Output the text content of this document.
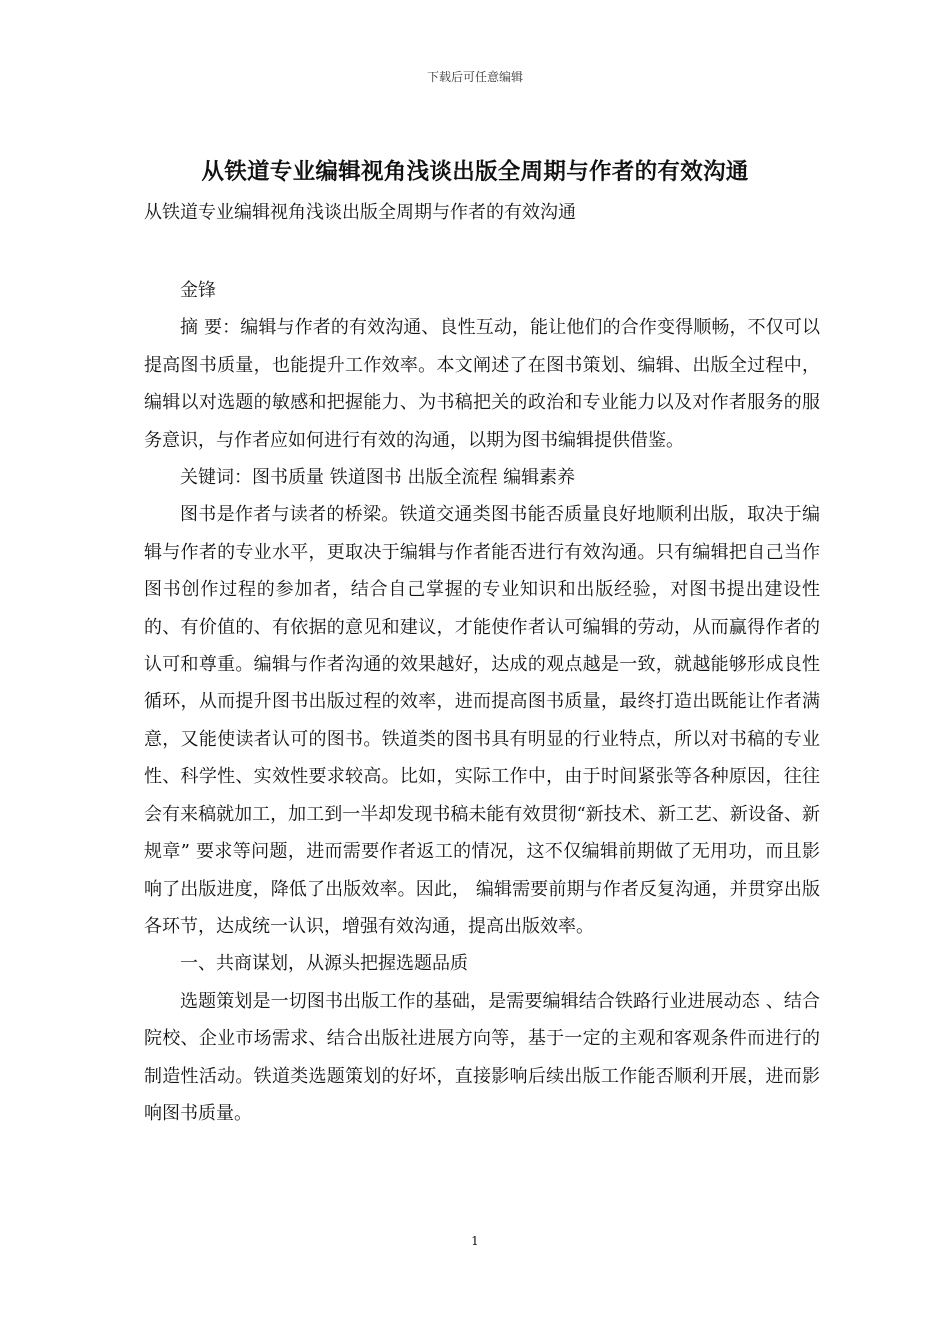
下载后可任意编辑
从铁道专业编辑视角浅谈出版全周期与作者的有效沟通
从铁道专业编辑视角浅谈出版全周期与作者的有效沟通

金锋

摘 要：编辑与作者的有效沟通、良性互动，能让他们的合作变得顺畅，不仅可以提高图书质量，也能提升工作效率。本文阐述了在图书策划、编辑、出版全过程中，编辑以对选题的敏感和把握能力、为书稿把关的政治和专业能力以及对作者服务的服务意识，与作者应如何进行有效的沟通，以期为图书编辑提供借鉴。

关键词：图书质量 铁道图书 出版全流程 编辑素养

图书是作者与读者的桥梁。铁道交通类图书能否质量良好地顺利出版，取决于编辑与作者的专业水平，更取决于编辑与作者能否进行有效沟通。只有编辑把自己当作图书创作过程的参加者，结合自己掌握的专业知识和出版经验，对图书提出建设性的、有价值的、有依据的意见和建议，才能使作者认可编辑的劳动，从而赢得作者的认可和尊重。编辑与作者沟通的效果越好，达成的观点越是一致，就越能够形成良性循环，从而提升图书出版过程的效率，进而提高图书质量，最终打造出既能让作者满意，又能使读者认可的图书。铁道类的图书具有明显的行业特点，所以对书稿的专业性、科学性、实效性要求较高。比如，实际工作中，由于时间紧张等各种原因，往往会有来稿就加工，加工到一半却发现书稿未能有效贯彻“新技术、新工艺、新设备、新规章” 要求等问题，进而需要作者返工的情况，这不仅编辑前期做了无用功，而且影响了出版进度，降低了出版效率。因此， 编辑需要前期与作者反复沟通，并贯穿出版各环节，达成统一认识，增强有效沟通，提高出版效率。

一、共商谋划，从源头把握选题品质

选题策划是一切图书出版工作的基础，是需要编辑结合铁路行业进展动态 、结合院校、企业市场需求、结合出版社进展方向等，基于一定的主观和客观条件而进行的制造性活动。铁道类选题策划的好坏，直接影响后续出版工作能否顺利开展，进而影响图书质量。

1
